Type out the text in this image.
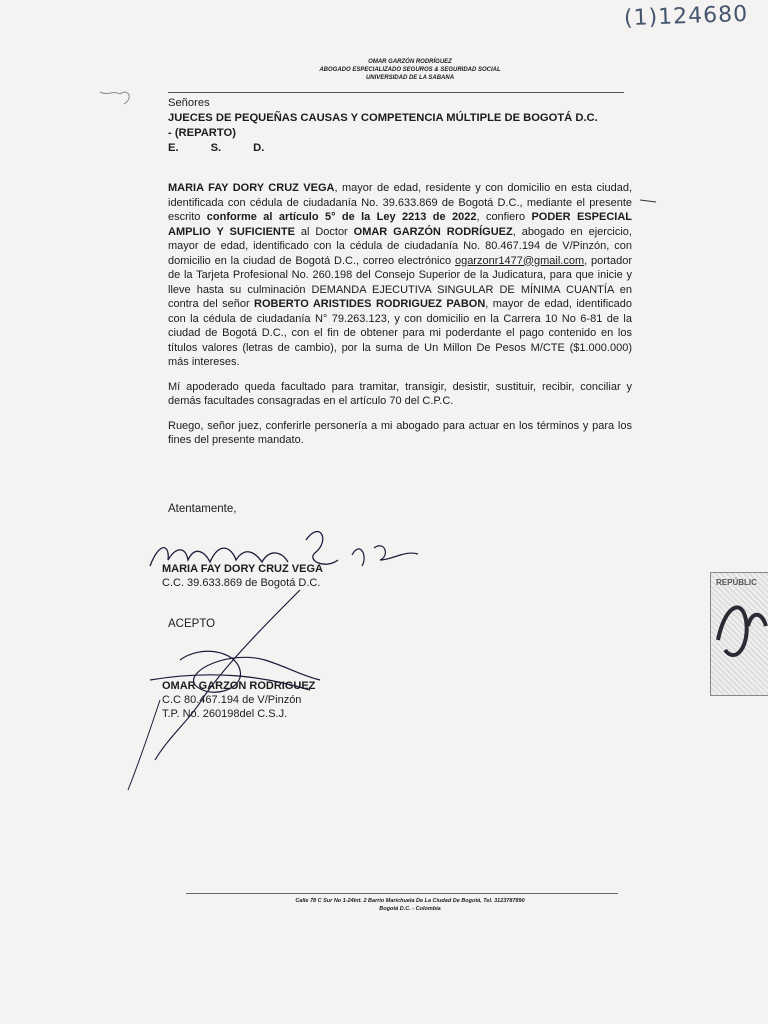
(1)124680
OMAR GARZÓN RODRÍGUEZ
ABOGADO ESPECIALIZADO SEGUROS & SEGURIDAD SOCIAL
UNIVERSIDAD DE LA SABANA
Señores
JUECES DE PEQUEÑAS CAUSAS Y COMPETENCIA MÚLTIPLE DE BOGOTÁ D.C.
- (REPARTO)
E.	S.	D.

MARIA FAY DORY CRUZ VEGA, mayor de edad, residente y con domicilio en esta ciudad, identificada con cédula de ciudadanía No. 39.633.869 de Bogotá D.C., mediante el presente escrito conforme al artículo 5° de la Ley 2213 de 2022, confiero PODER ESPECIAL AMPLIO Y SUFICIENTE al Doctor OMAR GARZÓN RODRÍGUEZ, abogado en ejercicio, mayor de edad, identificado con la cédula de ciudadanía No. 80.467.194 de V/Pinzón, con domicilio en la ciudad de Bogotá D.C., correo electrónico ogarzonr1477@gmail.com, portador de la Tarjeta Profesional No. 260.198 del Consejo Superior de la Judicatura, para que inicie y lleve hasta su culminación DEMANDA EJECUTIVA SINGULAR DE MÍNIMA CUANTÍA en contra del señor ROBERTO ARISTIDES RODRIGUEZ PABON, mayor de edad, identificado con la cédula de ciudadanía N° 79.263.123, y con domicilio en la Carrera 10 No 6-81 de la ciudad de Bogotá D.C., con el fin de obtener para mi poderdante el pago contenido en los títulos valores (letras de cambio), por la suma de Un Millon De Pesos M/CTE ($1.000.000) más intereses.

Mí apoderado queda facultado para tramitar, transigir, desistir, sustituir, recibir, conciliar y demás facultades consagradas en el artículo 70 del C.P.C.

Ruego, señor juez, conferirle personería a mi abogado para actuar en los términos y para los fines del presente mandato.

Atentamente,
MARIA FAY DORY CRUZ VEGA
C.C. 39.633.869 de Bogotá D.C.
ACEPTO
OMAR GARZON RODRIGUEZ
C.C 80.467.194 de V/Pinzón
T.P. No. 260198del C.S.J.
REPÚBLIC
Calle 78 C Sur No 1-24Int. 2 Barrio Marichuela De La Ciudad De Bogotá, Tel. 3123787890
Bogotá D.C. - Colombia
